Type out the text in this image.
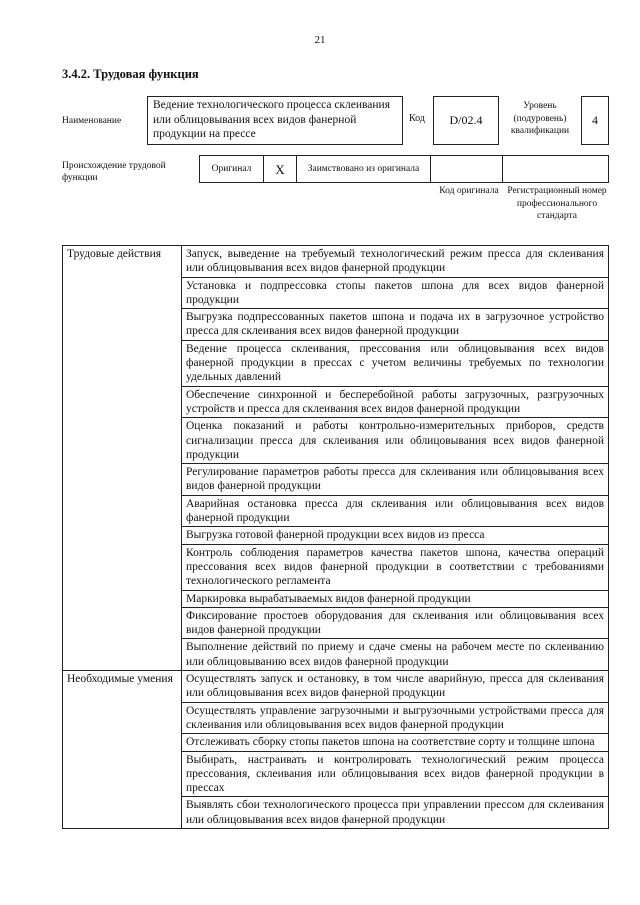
21
3.4.2. Трудовая функция
Наименование
Ведение технологического процесса склеивания или облицовывания всех видов фанерной продукции на прессе
Код D/02.4
Уровень (подуровень) квалификации
4
Происхождение трудовой функции
Оригинал	X	Заимствовано из оригинала
Код оригинала Регистрационный номер профессионального стандарта
Трудовые действия	Запуск, выведение на требуемый технологический режим пресса для склеивания или облицовывания всех видов фанерной продукции
	Установка и подпрессовка стопы пакетов шпона для всех видов фанерной продукции
	Выгрузка подпрессованных пакетов шпона и подача их в загрузочное устройство пресса для склеивания всех видов фанерной продукции
	Ведение процесса склеивания, прессования или облицовывания всех видов фанерной продукции в прессах с учетом величины требуемых по технологии удельных давлений
	Обеспечение синхронной и бесперебойной работы загрузочных, разгрузочных устройств и пресса для склеивания всех видов фанерной продукции
	Оценка показаний и работы контрольно-измерительных приборов, средств сигнализации пресса для склеивания или облицовывания всех видов фанерной продукции
	Регулирование параметров работы пресса для склеивания или облицовывания всех видов фанерной продукции
	Аварийная остановка пресса для склеивания или облицовывания всех видов фанерной продукции
	Выгрузка готовой фанерной продукции всех видов из пресса
	Контроль соблюдения параметров качества пакетов шпона, качества операций прессования всех видов фанерной продукции в соответствии с требованиями технологического регламента
	Маркировка вырабатываемых видов фанерной продукции
	Фиксирование простоев оборудования для склеивания или облицовывания всех видов фанерной продукции
	Выполнение действий по приему и сдаче смены на рабочем месте по склеиванию или облицовыванию всех видов фанерной продукции
Необходимые умения	Осуществлять запуск и остановку, в том числе аварийную, пресса для склеивания или облицовывания всех видов фанерной продукции
	Осуществлять управление загрузочными и выгрузочными устройствами пресса для склеивания или облицовывания всех видов фанерной продукции
	Отслеживать сборку стопы пакетов шпона на соответствие сорту и толщине шпона
	Выбирать, настраивать и контролировать технологический режим процесса прессования, склеивания или облицовывания всех видов фанерной продукции в прессах
	Выявлять сбои технологического процесса при управлении прессом для склеивания или облицовывания всех видов фанерной продукции
